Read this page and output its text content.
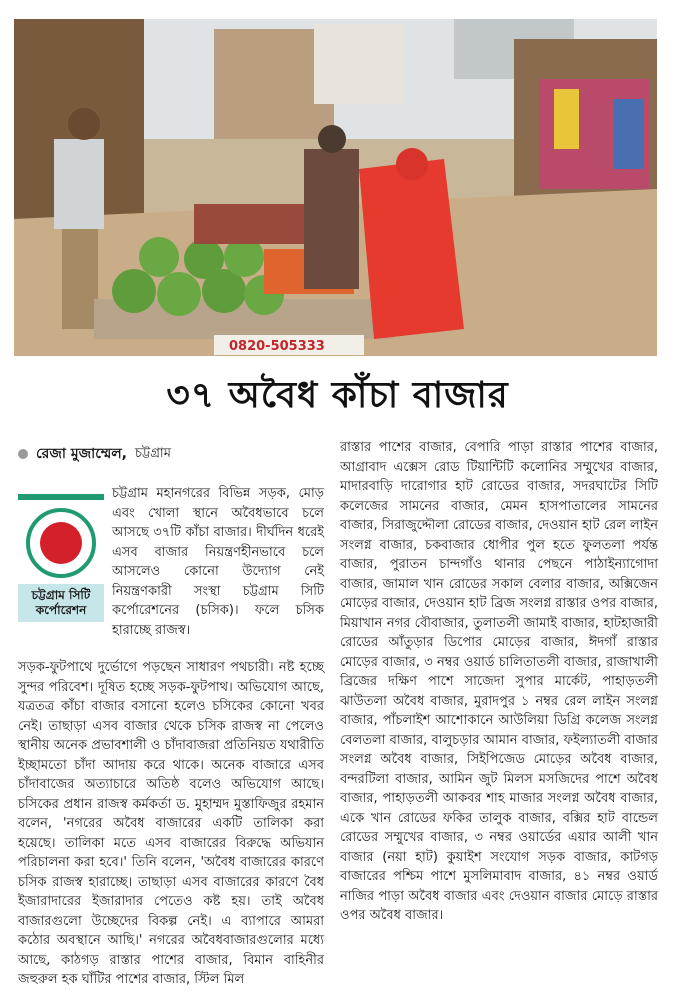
0820-505333
৩৭ অবৈধ কাঁচা বাজার
রেজা মুজাম্মেল, চট্টগ্রাম
চট্টগ্রাম সিটি কর্পোরেশন
চট্টগ্রাম মহানগরের বিভিন্ন সড়ক, মোড় এবং খোলা স্থানে অবৈধভাবে চলে আসছে ৩৭টি কাঁচা বাজার। দীর্ঘদিন ধরেই এসব বাজার নিয়ন্ত্রণহীনভাবে চলে আসলেও কোনো উদ্যোগ নেই নিয়ন্ত্রণকারী সংস্থা চট্টগ্রাম সিটি কর্পোরেশনের (চসিক)। ফলে চসিক হারাচ্ছে রাজস্ব।
সড়ক-ফুটপাথে দুর্ভোগে পড়ছেন সাধারণ পথচারী। নষ্ট হচ্ছে সুন্দর পরিবেশ। দূষিত হচ্ছে সড়ক-ফুটপাথ। অভিযোগ আছে, যত্রতত্র কাঁচা বাজার বসানো হলেও চসিকের কোনো খবর নেই। তাছাড়া এসব বাজার থেকে চসিক রাজস্ব না পেলেও স্থানীয় অনেক প্রভাবশালী ও চাঁদাবাজরা প্রতিনিয়ত যথারীতি ইচ্ছামতো চাঁদা আদায় করে থাকে। অনেক বাজারে এসব চাঁদাবাজের অত্যাচারে অতিষ্ঠ বলেও অভিযোগ আছে। চসিকের প্রধান রাজস্ব কর্মকর্তা ড. মুহাম্মদ মুস্তাফিজুর রহমান বলেন, 'নগরের অবৈধ বাজারের একটি তালিকা করা হয়েছে। তালিকা মতে এসব বাজারের বিরুদ্ধে অভিযান পরিচালনা করা হবে।' তিনি বলেন, 'অবৈধ বাজারের কারণে চসিক রাজস্ব হারাচ্ছে। তাছাড়া এসব বাজারের কারণে বৈধ ইজারাদারের ইজারাদার পেতেও কষ্ট হয়। তাই অবৈধ বাজারগুলো উচ্ছেদের বিকল্প নেই। এ ব্যাপারে আমরা কঠোর অবস্থানে আছি।' নগরের অবৈধবাজারগুলোর মধ্যে আছে, কাঠগড় রাস্তার পাশের বাজার, বিমান বাহিনীর জহুরুল হক ঘাঁটির পাশের বাজার, স্টিল মিল
রাস্তার পাশের বাজার, বেপারি পাড়া রাস্তার পাশের বাজার, আগ্রাবাদ এক্সেস রোড টিয়ান্টিটি কলোনির সম্মুখের বাজার, মাদারবাড়ি দারোগার হাট রোডের বাজার, সদরঘাটের সিটি কলেজের সামনের বাজার, মেমন হাসপাতালের সামনের বাজার, সিরাজুদ্দৌলা রোডের বাজার, দেওয়ান হাট রেল লাইন সংলগ্ন বাজার, চকবাজার ধোপীর পুল হতে ফুলতলা পর্যন্ত বাজার, পুরাতন চান্দগাঁও থানার পেছনে পাঠাইন্যাগোদা বাজার, জামাল খান রোডের সকাল বেলার বাজার, অক্সিজেন মোড়ের বাজার, দেওয়ান হাট ব্রিজ সংলগ্ন রাস্তার ওপর বাজার, মিয়াখান নগর বৌবাজার, তুলাতলী জামাই বাজার, হাটহাজারী রোডের আঁতুড়ার ডিপোর মোড়ের বাজার, ঈদগাঁ রাস্তার মোড়ের বাজার, ৩ নম্বর ওয়ার্ড চালিতাতলী বাজার, রাজাখালী ব্রিজের দক্ষিণ পাশে সাজেদা সুপার মার্কেট, পাহাড়তলী ঝাউতলা অবৈধ বাজার, মুরাদপুর ১ নম্বর রেল লাইন সংলগ্ন বাজার, পাঁচলাইশ আশোকানে আউলিয়া ডিগ্রি কলেজ সংলগ্ন বেলতলা বাজার, বালুচড়ার আমান বাজার, ফইল্যাতলী বাজার সংলগ্ন অবৈধ বাজার, সিইপিজেড মোড়ের অবৈধ বাজার, বন্দরটিলা বাজার, আমিন জুট মিলস মসজিদের পাশে অবৈধ বাজার, পাহাড়তলী আকবর শাহ মাজার সংলগ্ন অবৈধ বাজার, একে খান রোডের ফকির তালুক বাজার, বক্সির হাট বান্ডেল রোডের সম্মুখের বাজার, ৩ নম্বর ওয়ার্ডের এয়ার আলী খান বাজার (নয়া হাট) কুয়াইশ সংযোগ সড়ক বাজার, কাটগড় বাজারের পশ্চিম পাশে মুসলিমাবাদ বাজার, ৪১ নম্বর ওয়ার্ড নাজির পাড়া অবৈধ বাজার এবং দেওয়ান বাজার মোড়ে রাস্তার ওপর অবৈধ বাজার।
